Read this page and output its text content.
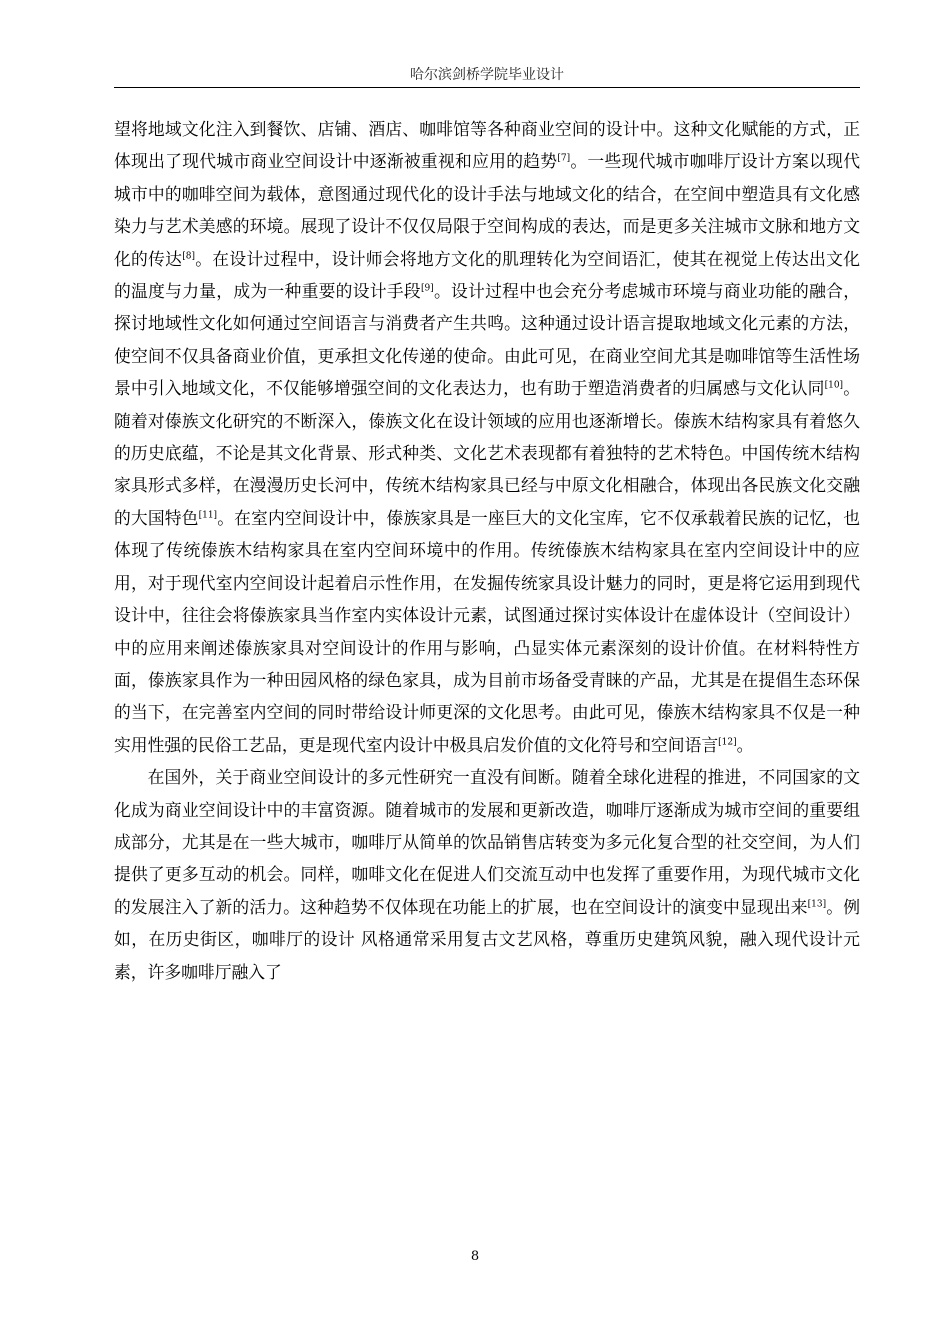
哈尔滨剑桥学院毕业设计

望将地域文化注入到餐饮、店铺、酒店、咖啡馆等各种商业空间的设计中。这种文化赋能的方式，正体现出了现代城市商业空间设计中逐渐被重视和应用的趋势[7]。一些现代城市咖啡厅设计方案以现代城市中的咖啡空间为载体，意图通过现代化的设计手法与地域文化的结合，在空间中塑造具有文化感染力与艺术美感的环境。展现了设计不仅仅局限于空间构成的表达，而是更多关注城市文脉和地方文化的传达[8]。在设计过程中，设计师会将地方文化的肌理转化为空间语汇，使其在视觉上传达出文化的温度与力量，成为一种重要的设计手段[9]。设计过程中也会充分考虑城市环境与商业功能的融合，探讨地域性文化如何通过空间语言与消费者产生共鸣。这种通过设计语言提取地域文化元素的方法，使空间不仅具备商业价值，更承担文化传递的使命。由此可见，在商业空间尤其是咖啡馆等生活性场景中引入地域文化，不仅能够增强空间的文化表达力，也有助于塑造消费者的归属感与文化认同[10]。随着对傣族文化研究的不断深入，傣族文化在设计领域的应用也逐渐增长。傣族木结构家具有着悠久的历史底蕴，不论是其文化背景、形式种类、文化艺术表现都有着独特的艺术特色。中国传统木结构家具形式多样，在漫漫历史长河中，传统木结构家具已经与中原文化相融合，体现出各民族文化交融的大国特色[11]。在室内空间设计中，傣族家具是一座巨大的文化宝库，它不仅承载着民族的记忆，也体现了传统傣族木结构家具在室内空间环境中的作用。传统傣族木结构家具在室内空间设计中的应用，对于现代室内空间设计起着启示性作用，在发掘传统家具设计魅力的同时，更是将它运用到现代设计中，往往会将傣族家具当作室内实体设计元素，试图通过探讨实体设计在虚体设计（空间设计）中的应用来阐述傣族家具对空间设计的作用与影响，凸显实体元素深刻的设计价值。在材料特性方面，傣族家具作为一种田园风格的绿色家具，成为目前市场备受青睐的产品，尤其是在提倡生态环保的当下，在完善室内空间的同时带给设计师更深的文化思考。由此可见，傣族木结构家具不仅是一种实用性强的民俗工艺品，更是现代室内设计中极具启发价值的文化符号和空间语言[12]。

在国外，关于商业空间设计的多元性研究一直没有间断。随着全球化进程的推进，不同国家的文化成为商业空间设计中的丰富资源。随着城市的发展和更新改造，咖啡厅逐渐成为城市空间的重要组成部分，尤其是在一些大城市，咖啡厅从简单的饮品销售店转变为多元化复合型的社交空间，为人们提供了更多互动的机会。同样，咖啡文化在促进人们交流互动中也发挥了重要作用，为现代城市文化的发展注入了新的活力。这种趋势不仅体现在功能上的扩展，也在空间设计的演变中显现出来[13]。例如，在历史街区，咖啡厅的设计 风格通常采用复古文艺风格，尊重历史建筑风貌，融入现代设计元素，许多咖啡厅融入了

8
